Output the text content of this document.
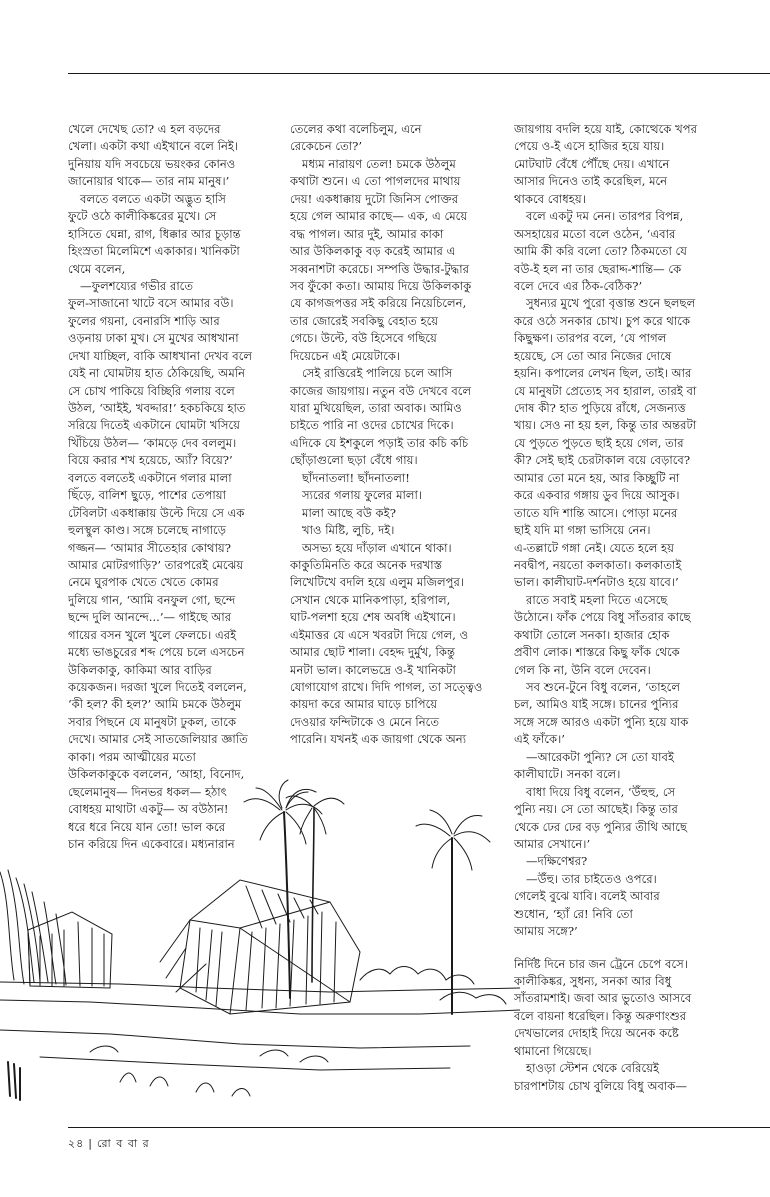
খেলে দেখেছ তো? এ হল বড়দের
খেলা। একটা কথা এইখানে বলে নিই।
দুনিয়ায় যদি সবচেয়ে ভয়ংকর কোনও
জানোয়ার থাকে— তার নাম মানুষ।’
বলতে বলতে একটা অদ্ভুত হাসি
ফুটে ওঠে কালীকিঙ্করের মুখে। সে
হাসিতে ঘেন্না, রাগ, ধিক্কার আর চূড়ান্ত
হিংস্রতা মিলেমিশে একাকার। খানিকটা
থেমে বলেন,
—ফুলশয্যের গভীর রাতে
ফুল-সাজানো খাটে বসে আমার বউ।
ফুলের গয়না, বেনারসি শাড়ি আর
ওড়নায় ঢাকা মুখ। সে মুখের আধখানা
দেখা যাচ্ছিল, বাকি আধখানা দেখব বলে
যেই না ঘোমটায় হাত ঠেকিয়েছি, অমনি
সে চোখ পাকিয়ে বিচ্ছিরি গলায় বলে
উঠল, ‘আইই, খবদ্দার!’ হকচকিয়ে হাত
সরিয়ে দিতেই একটানে ঘোমটা খসিয়ে
খিঁচিয়ে উঠল— ‘কামড়ে দেব বললুম।
বিয়ে করার শখ হয়েচে, অ্যাঁ? বিয়ে?’
বলতে বলতেই একটানে গলার মালা
ছিঁড়ে, বালিশ ছুড়ে, পাশের তেপায়া
টেবিলটা একধাক্কায় উল্টে দিয়ে সে এক
হুলস্থুল কাণ্ড। সঙ্গে চলেছে নাগাড়ে
গজ্জন— ‘আমার সীতেহার কোথায়?
আমার মোটরগাড়ি?’ তারপরেই মেঝেয়
নেমে ঘুরপাক খেতে খেতে কোমর
দুলিয়ে গান, ‘আমি বনফুল গো, ছন্দে
ছন্দে দুলি আনন্দে...’— গাইছে আর
গায়ের বসন খুলে খুলে ফেলচে। এরই
মধ্যে ভাঙচুরের শব্দ পেয়ে চলে এসচেন
উকিলকাকু, কাকিমা আর বাড়ির
কয়েকজন। দরজা খুলে দিতেই বললেন,
‘কী হল? কী হল?’ আমি চমকে উঠলুম
সবার পিছনে যে মানুষটা ঢুকল, তাকে
দেখে। আমার সেই সাতজেলিয়ার জ্ঞাতি
কাকা। পরম আত্মীয়ের মতো
উকিলকাকুকে বললেন, ‘আহা, বিনোদ,
ছেলেমানুষ— দিনভর ধকল— হঠাৎ
বোধহয় মাথাটা একটু— অ বউঠান!
ধরে ধরে নিয়ে যান তো! ভাল করে
চান করিয়ে দিন একেবারে। মধ্যনারান
তেলের কথা বলেচিলুম, এনে
রেকেচেন তো?’
মধ্যম নারায়ণ তেল! চমকে উঠলুম
কথাটা শুনে। এ তো পাগলদের মাথায়
দেয়! একধাক্কায় দুটো জিনিস পোক্তর
হয়ে গেল আমার কাছে— এক, এ মেয়ে
বদ্ধ পাগল। আর দুই, আমার কাকা
আর উকিলকাকু বড় করেই আমার এ
সব্বনাশটা করেচে। সম্পত্তি উদ্ধার-টুদ্ধার
সব ফুঁকো কতা। আমায় দিয়ে উকিলকাকু
যে কাগজপত্তর সই করিয়ে নিয়েচিলেন,
তার জোরেই সবকিছু বেহাত হয়ে
গেচে। উল্টে, বউ হিসেবে গছিয়ে
দিয়েচেন এই মেয়েটাকে।
সেই রাত্তিরেই পালিয়ে চলে আসি
কাজের জায়গায়। নতুন বউ দেখবে বলে
যারা মুখিয়েছিল, তারা অবাক। আমিও
চাইতে পারি না ওদের চোখের দিকে।
এদিকে যে ইশকুলে পড়াই তার কচি কচি
ছোঁড়াগুলো ছড়া বেঁধে গায়।
ছাঁদনাতলা! ছাঁদনাতলা!
স্যরের গলায় ফুলের মালা।
মালা আছে বউ কই?
খাও মিষ্টি, লুচি, দই।
অসভ্য হয়ে দাঁড়াল এখানে থাকা।
কাকুতিমিনতি করে অনেক দরখাস্ত
লিখেটিখে বদলি হয়ে এলুম মজিলপুর।
সেখান থেকে মানিকপাড়া, হরিপাল,
ঘাট-পলশা হয়ে শেষ অবধি এইখানে।
এইমাত্তর যে এসে খবরটা দিয়ে গেল, ও
আমার ছোট শালা। বেহদ্দ দুর্মুখ, কিন্তু
মনটা ভাল। কালেভদ্রে ও-ই খানিকটা
যোগাযোগ রাখে। দিদি পাগল, তা সত্ত্বেও
কায়দা করে আমার ঘাড়ে চাপিয়ে
দেওয়ার ফন্দিটাকে ও মেনে নিতে
পারেনি। যখনই এক জায়গা থেকে অন্য
জায়গায় বদলি হয়ে যাই, কোত্থেকে খপর
পেয়ে ও-ই এসে হাজির হয়ে যায়।
মোটঘাট বেঁধে পৌঁছে দেয়। এখানে
আসার দিনেও তাই করেছিল, মনে
থাকবে বোধহয়।
বলে একটু দম নেন। তারপর বিপন্ন,
অসহায়ের মতো বলে ওঠেন, ‘এবার
আমি কী করি বলো তো? ঠিকমতো যে
বউ-ই হল না তার ছেরাদ্দ-শান্তি— কে
বলে দেবে এর ঠিক-বেঠিক?’
সুধন্যর মুখে পুরো বৃত্তান্ত শুনে ছলছল
করে ওঠে সনকার চোখ। চুপ করে থাকে
কিছুক্ষণ। তারপর বলে, ‘যে পাগল
হয়েছে, সে তো আর নিজের দোষে
হয়নি। কপালের লেখন ছিল, তাই। আর
যে মানুষটা প্রেত্যেহ সব হারাল, তারই বা
দোষ কী? হাত পুড়িয়ে রাঁধে, সেজন্যত্ত
খায়। সেও না হয় হল, কিন্তু তার অন্তরটা
যে পুড়তে পুড়তে ছাই হয়ে গেল, তার
কী? সেই ছাই চেরটাকাল বয়ে বেড়াবে?
আমার তো মনে হয়, আর কিচ্ছুটি না
করে একবার গঙ্গায় ডুব দিয়ে আসুক।
তাতে যদি শান্তি আসে। পোড়া মনের
ছাই যদি মা গঙ্গা ভাসিয়ে নেন।
এ-তল্লাটে গঙ্গা নেই। যেতে হলে হয়
নবদ্বীপ, নয়তো কলকাতা। কলকাতাই
ভাল। কালীঘাট-দর্শনটাও হয়ে যাবে।’
রাতে সবাই মহলা দিতে এসেছে
উঠোনে। ফাঁক পেয়ে বিধু সাঁতরার কাছে
কথাটা তোলে সনকা। হাজার হোক
প্রবীণ লোক। শাস্তরে কিছু ফাঁক থেকে
গেল কি না, উনি বলে দেবেন।
সব শুনে-টুনে বিধু বলেন, ‘তাহলে
চল, আমিও যাই সঙ্গে। চানের পুন্যির
সঙ্গে সঙ্গে আরও একটা পুন্যি হয়ে যাক
এই ফাঁকে।’
—আরেকটা পুন্যি? সে তো যাবই
কালীঘাটে। সনকা বলে।
বাধা দিয়ে বিধু বলেন, ‘উঁহুহু, সে
পুন্যি নয়। সে তো আছেই। কিন্তু তার
থেকে ঢের ঢের বড় পুন্যির তীথি আছে
আমার সেখানে।’
—দক্ষিণেশ্বর?
—উঁহু। তার চাইতেও ওপরে।
গেলেই বুঝে যাবি। বলেই আবার
শুধোন, ‘হ্যাঁ রে! নিবি তো
আমায় সঙ্গে?’
নির্দিষ্ট দিনে চার জন ট্রেনে চেপে বসে।
কালীকিঙ্কর, সুধন্য, সনকা আর বিধু
সাঁতরামশাই। জবা আর ভুতোও আসবে
বলে বায়না ধরেছিল। কিন্তু অরুণাংশুর
দেখভালের দোহাই দিয়ে অনেক কষ্টে
থামানো গিয়েছে।
হাওড়া স্টেশন থেকে বেরিয়েই
চারপাশটায় চোখ বুলিয়ে বিধু অবাক—
২৪ | রো ব বা র
